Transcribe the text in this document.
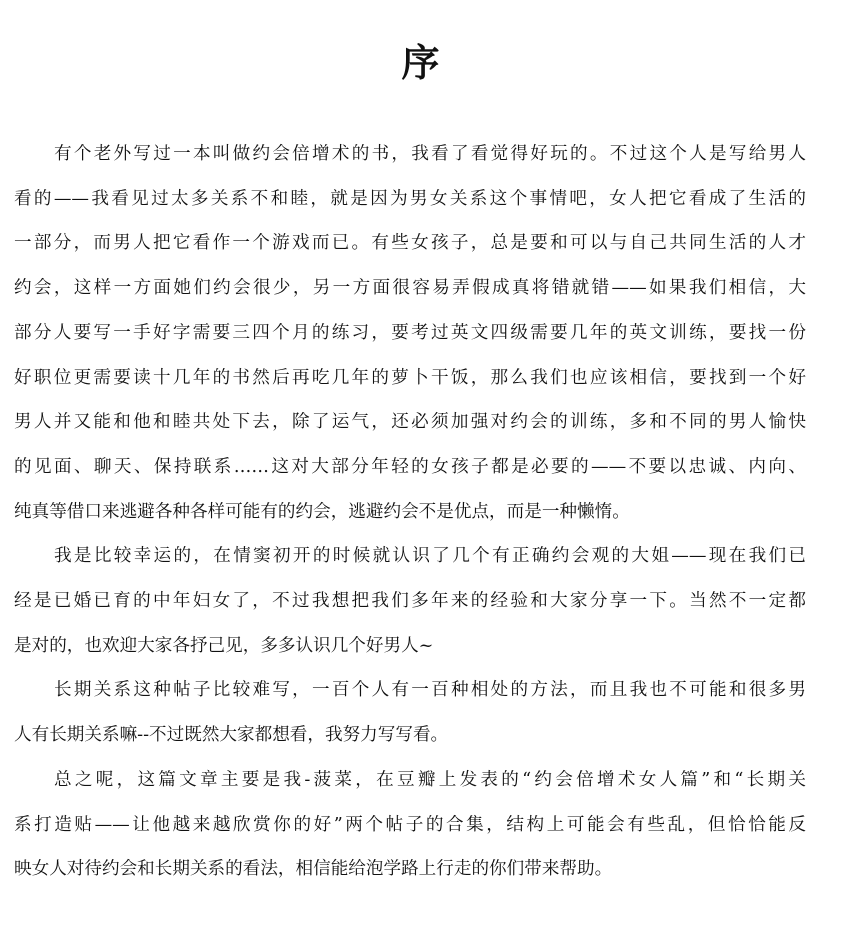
序

有个老外写过一本叫做约会倍增术的书，我看了看觉得好玩的。不过这个人是写给男人
看的——我看见过太多关系不和睦，就是因为男女关系这个事情吧，女人把它看成了生活的
一部分，而男人把它看作一个游戏而已。有些女孩子，总是要和可以与自己共同生活的人才
约会，这样一方面她们约会很少，另一方面很容易弄假成真将错就错——如果我们相信，大
部分人要写一手好字需要三四个月的练习，要考过英文四级需要几年的英文训练，要找一份
好职位更需要读十几年的书然后再吃几年的萝卜干饭，那么我们也应该相信，要找到一个好
男人并又能和他和睦共处下去，除了运气，还必须加强对约会的训练，多和不同的男人愉快
的见面、聊天、保持联系……这对大部分年轻的女孩子都是必要的——不要以忠诚、内向、
纯真等借口来逃避各种各样可能有的约会，逃避约会不是优点，而是一种懒惰。

我是比较幸运的，在情窦初开的时候就认识了几个有正确约会观的大姐——现在我们已
经是已婚已育的中年妇女了，不过我想把我们多年来的经验和大家分享一下。当然不一定都
是对的，也欢迎大家各抒己见，多多认识几个好男人~

长期关系这种帖子比较难写，一百个人有一百种相处的方法，而且我也不可能和很多男
人有长期关系嘛--不过既然大家都想看，我努力写写看。

总之呢，这篇文章主要是我-菠菜，在豆瓣上发表的“约会倍增术女人篇”和“长期关
系打造贴——让他越来越欣赏你的好”两个帖子的合集，结构上可能会有些乱，但恰恰能反
映女人对待约会和长期关系的看法，相信能给泡学路上行走的你们带来帮助。
